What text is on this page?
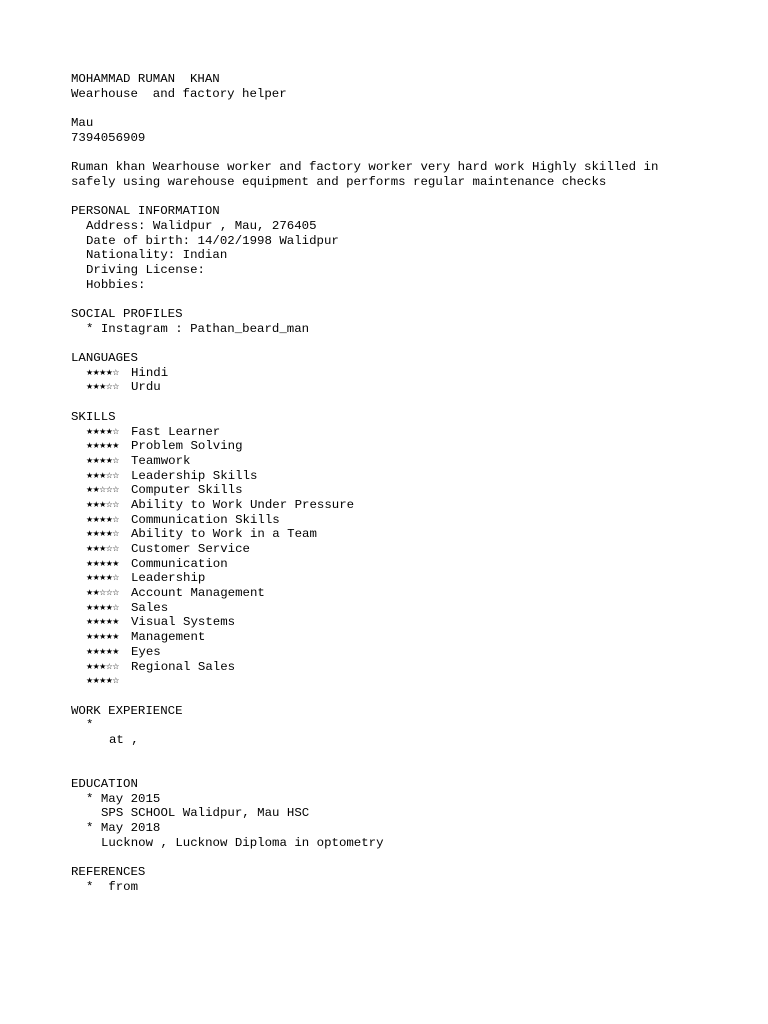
MOHAMMAD RUMAN  KHAN
Wearhouse  and factory helper
Mau
7394056909
Ruman khan Wearhouse worker and factory worker very hard work Highly skilled in
safely using warehouse equipment and performs regular maintenance checks
PERSONAL INFORMATION
Address: Walidpur , Mau, 276405
Date of birth: 14/02/1998 Walidpur
Nationality: Indian
Driving License:
Hobbies:
SOCIAL PROFILES
* Instagram : Pathan_beard_man
LANGUAGES
★★★★☆ Hindi
★★★☆☆ Urdu
SKILLS
★★★★☆ Fast Learner
★★★★★ Problem Solving
★★★★☆ Teamwork
★★★☆☆ Leadership Skills
★★☆☆☆ Computer Skills
★★★☆☆ Ability to Work Under Pressure
★★★★☆ Communication Skills
★★★★☆ Ability to Work in a Team
★★★☆☆ Customer Service
★★★★★ Communication
★★★★☆ Leadership
★★☆☆☆ Account Management
★★★★☆ Sales
★★★★★ Visual Systems
★★★★★ Management
★★★★★ Eyes
★★★☆☆ Regional Sales
★★★★☆
WORK EXPERIENCE
*
at ,
EDUCATION
* May 2015
SPS SCHOOL Walidpur, Mau HSC
* May 2018
Lucknow , Lucknow Diploma in optometry
REFERENCES
*  from
